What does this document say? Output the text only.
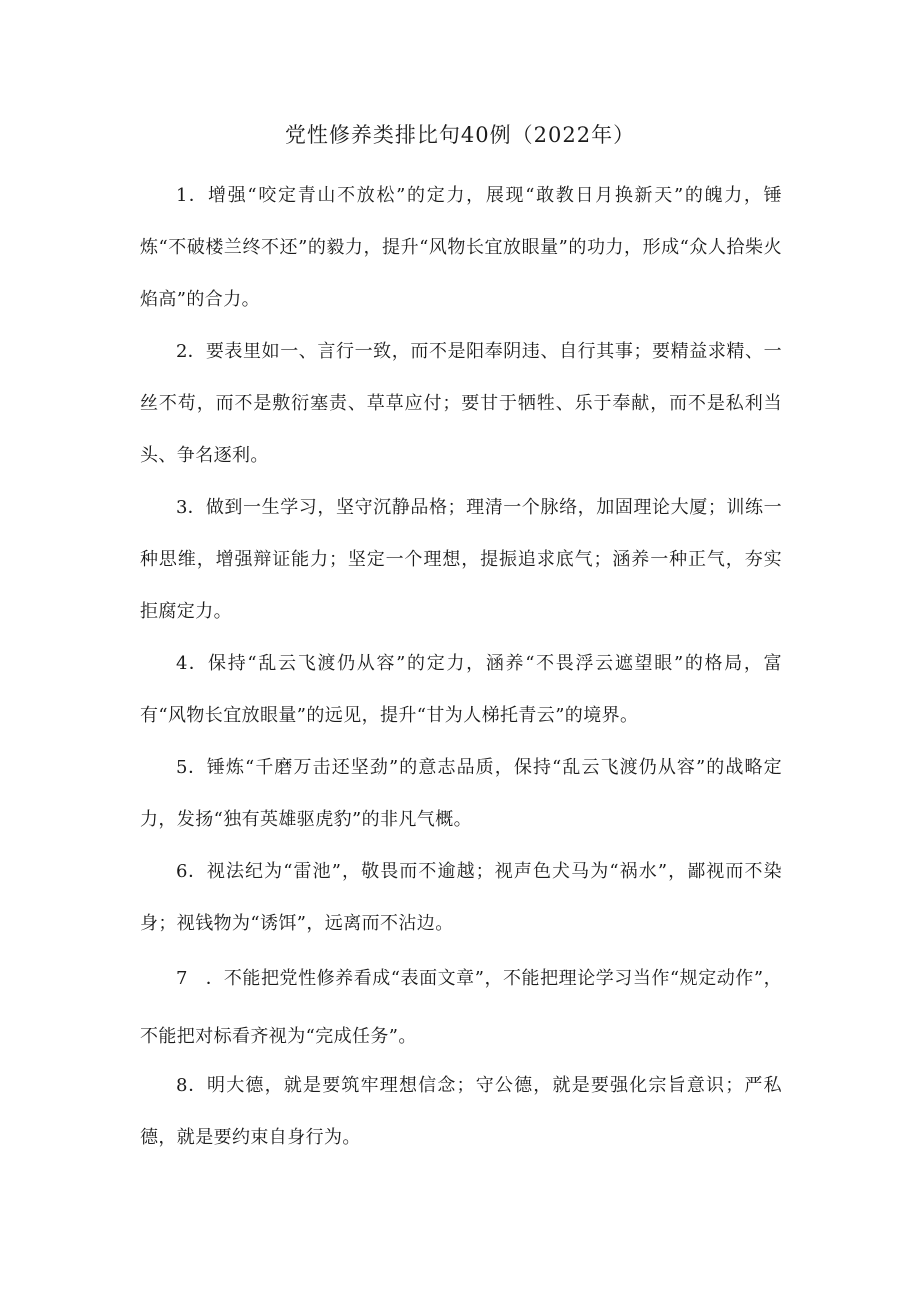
党性修养类排比句40例（2022年）

1．增强“咬定青山不放松”的定力，展现“敢教日月换新天”的魄力，锤炼“不破楼兰终不还”的毅力，提升“风物长宜放眼量”的功力，形成“众人拾柴火焰高”的合力。

2．要表里如一、言行一致，而不是阳奉阴违、自行其事；要精益求精、一丝不苟，而不是敷衍塞责、草草应付；要甘于牺牲、乐于奉献，而不是私利当头、争名逐利。

3．做到一生学习，坚守沉静品格；理清一个脉络，加固理论大厦；训练一种思维，增强辩证能力；坚定一个理想，提振追求底气；涵养一种正气，夯实拒腐定力。

4．保持“乱云飞渡仍从容”的定力，涵养“不畏浮云遮望眼”的格局，富有“风物长宜放眼量”的远见，提升“甘为人梯托青云”的境界。

5．锤炼“千磨万击还坚劲”的意志品质，保持“乱云飞渡仍从容”的战略定力，发扬“独有英雄驱虎豹”的非凡气概。

6．视法纪为“雷池”，敬畏而不逾越；视声色犬马为“祸水”，鄙视而不染身；视钱物为“诱饵”，远离而不沾边。

7　．不能把党性修养看成“表面文章”，不能把理论学习当作“规定动作”，不能把对标看齐视为“完成任务”。

8．明大德，就是要筑牢理想信念；守公德，就是要强化宗旨意识；严私德，就是要约束自身行为。
